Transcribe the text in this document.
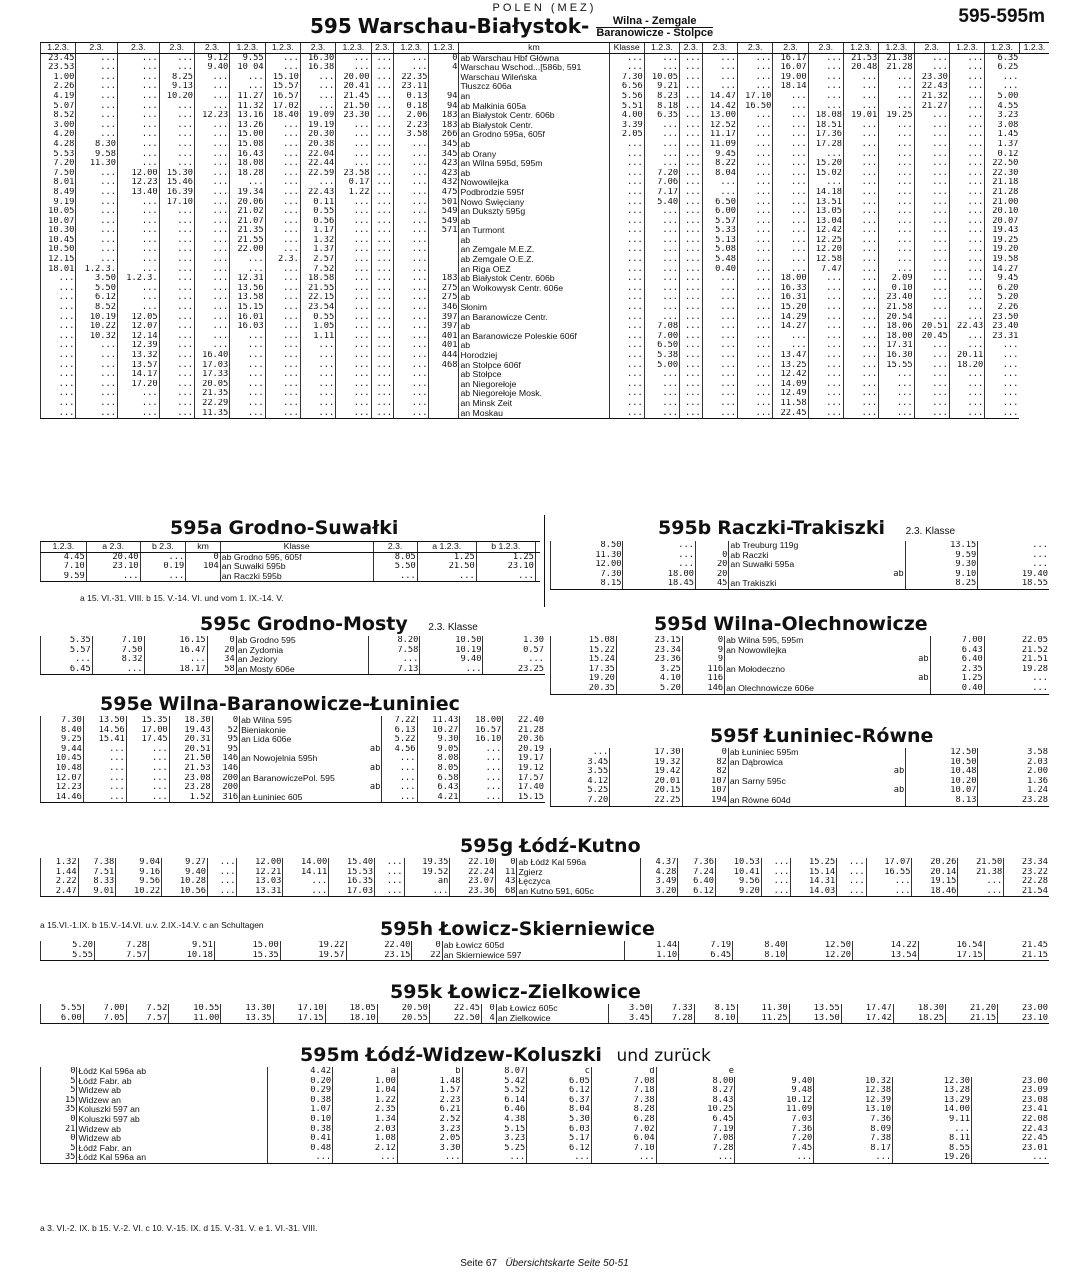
POLEN (MEZ)	595-595m
595 Warschau-Białystok-	Wilna - Zemgale
Baranowicze - Stolpce
1.2.3.	2.3.	2.3.	2.3.	2.3.	1.2.3.	1.2.3.	2.3.	1.2.3.	2.3.	1.2.3.	1.2.3.	km	Klasse	1.2.3.	2.3.	2.3.	2.3.	2.3.	2.3.	1.2.3.	1.2.3.	2.3.	1.2.3.	1.2.3.	1.2.3.
23.45	...	...	...	9.12	9.55	...	16.30	...	...	...	0	ab Warschau Hbf Główna	...	...	...	...	...	16.17	...	21.53	21.38	...	...	6.35	
23.53	...	...	...	9.40	10 04	...	16.38	...	...	...	4	Warschau Wschod...[586b, 591	...	...	...	...	...	16.07	...	20.48	21.28	...	...	6.25	
1.00	...	...	8.25	...	...	15.10	...	20.00	...	22.35		Warschau Wileńska	7.30	10.05	...	...	...	19.00	...	...	...	23.30	...	...	
2.26	...	...	9.13	...	...	15.57	...	20.41	...	23.11		Tłuszcz 606a	6.56	9.21	...	...	...	18.14	...	...	...	22.43	...	...	
4.19	...	...	10.20	...	11.27	16.57	...	21.45	...	0.13	94	an	5.56	8.23	...	14.47	17.10	...	...	...	...	21.32	...	5.00	
5.07	...	...	...	...	11.32	17.02	...	21.50	...	0.18	94	ab Małkinia 605a	5.51	8.18	...	14.42	16.50	...	...	...	...	21.27	...	4.55	
8.52	...	...	...	12.23	13.16	18.40	19.09	23.30	...	2.06	183	an Białystok Centr. 606b	4.00	6.35	...	13.00	...	...	18.08	19.01	19.25	...	...	3.23	
3.00	...	...	...	...	13.26	...	19.19	...	...	2.23	183	ab Białystok Centr.	3.39	...	...	12.52	...	...	18.51	...	...	...	...	3.08	
4.20	...	...	...	...	15.00	...	20.30	...	...	3.58	266	an Grodno 595a, 605f	2.05	...	...	11.17	...	...	17.36	...	...	...	...	1.45	
4.28	8.30	...	...	...	15.08	...	20.38	...	...	...	345	ab	...	...	...	11.09	...	...	17.28	...	...	...	...	1.37	
5.53	9.58	...	...	...	16.43	...	22.04	...	...	...	345	ab Orany	...	...	...	9.45	...	...	...	...	...	...	...	0.12	
7.20	11.30	...	...	...	18.08	...	22.44	...	...	...	423	an Wilna 595d, 595m	...	...	...	8.22	...	...	15.20	...	...	...	...	22.50	
7.50	...	12.00	15.30	...	18.28	...	22.59	23.58	...	...	423	ab	...	7.20	...	8.04	...	...	15.02	...	...	...	...	22.30	
8.01	...	12.23	15.46	...	...	...	...	0.17	...	...	432	Nowowilejka	...	7.06	...	...	...	...	...	...	...	...	...	21.18	
8.49	...	13.40	16.39	...	19.34	...	22.43	1.22	...	...	475	Podbrodzie 595f	...	7.17	...	...	...	...	14.18	...	...	...	...	21.28	
9.19	...	...	17.10	...	20.06	...	0.11	...	...	...	501	Nowo Święciany	...	5.40	...	6.50	...	...	13.51	...	...	...	...	21.00	
10.05	...	...	...	...	21.02	...	0.55	...	...	...	549	an Dukszty 595g	...	...	...	6.00	...	...	13.05	...	...	...	...	20.10	
10.07	...	...	...	...	21.07	...	0.56	...	...	...	549	ab	...	...	...	5.57	...	...	13.04	...	...	...	...	20.07	
10.30	...	...	...	...	21.35	...	1.17	...	...	...	571	an Turmont	...	...	...	5.33	...	...	12.42	...	...	...	...	19.43	
10.45	...	...	...	...	21.55	...	1.32	...	...	...		ab	...	...	...	5.13	...	...	12.25	...	...	...	...	19.25	
10.50	...	...	...	...	22.00	...	1.37	...	...	...		an Zemgale M.E.Z.	...	...	...	5.08	...	...	12.20	...	...	...	...	19.20	
12.15	...	...	...	...	...	2.3.	2.57	...	...	...		ab Zemgale O.E.Z.	...	...	...	5.48	...	...	12.58	...	...	...	...	19.58	
18.01	1.2.3.	...	...	...	...	...	7.52	...	...	...		an Riga OEZ	...	...	...	0.40	...	...	7.47	...	...	...	...	14.27	
...	3.50	1.2.3.	...	...	12.31	...	18.58	...	...	...	183	ab Białystok Centr. 606b	...	...	...	...	...	18.00	...	...	2.09	...	...	9.45	
...	5.50	...	...	...	13.56	...	21.55	...	...	...	275	an Wołkowysk Centr. 606e	...	...	...	...	...	16.33	...	...	0.10	...	...	6.20	
...	6.12	...	...	...	13.58	...	22.15	...	...	...	275	ab	...	...	...	...	...	16.31	...	...	23.40	...	...	5.20	
...	8.52	...	...	...	15.15	...	23.54	...	...	...	346	Słonim	...	...	...	...	...	15.20	...	...	21.58	...	...	2.26	
...	10.19	12.05	...	...	16.01	...	0.55	...	...	...	397	an Baranowicze Centr.	...	...	...	...	...	14.29	...	...	20.54	...	...	23.50	
...	10.22	12.07	...	...	16.03	...	1.05	...	...	...	397	ab	...	7.08	...	...	...	14.27	...	...	18.06	20.51	22.43	23.40	
...	10.32	12.14	...	...	...	...	1.11	...	...	...	401	an Baranowicze Poleskie 606f	...	7.00	...	...	...	...	...	...	18.00	20.45	...	23.31	
...	...	12.39	...	...	...	...	...	...	...	...	401	ab	...	6.50	...	...	...	...	...	...	17.31	...	...	...	
...	...	13.32	...	16.40	...	...	...	...	...	...	444	Horodziej	...	5.38	...	...	...	13.47	...	...	16.30	...	20.11	...	
...	...	13.57	...	17.03	...	...	...	...	...	...	468	an Stołpce 606f	...	5.00	...	...	...	13.25	...	...	15.55	...	18.20	...	
...	...	14.17	...	17.33	...	...	...	...	...	...		ab Stołpce	...	...	...	...	...	12.42	...	...	...	...	...	...	
...	...	17.20	...	20.05	...	...	...	...	...	...		an Niegorełoje	...	...	...	...	...	14.09	...	...	...	...	...	...	
...	...	...	...	21.35	...	...	...	...	...	...		ab Niegorełoje Mosk.	...	...	...	...	...	12.49	...	...	...	...	...	...	
...	...	...	...	22.29	...	...	...	...	...	...		an Minsk Zeit	...	...	...	...	...	11.58	...	...	...	...	...	...	
...	...	...	...	11.35	...	...	...	...	...	...		an Moskau	...	...	...	...	...	22.45	...	...	...	...	...	...	
595a Grodno-Suwałki
1.2.3.	a 2.3.	b 2.3.	km	Klasse	2.3.	a 1.2.3.	b 1.2.3.	
4.45	20.40	...	0	ab Grodno 595, 605f	8.05	1.25	1.25	
7.10	23.10	0.19	104	an Suwałki 595b	5.50	21.50	23.10	
9.59	...	...		an Raczki 595b	...	...	...	
a 15. VI.-31. VIII. b 15. V.-14. VI. und vom 1. IX.-14. V.
595b Raczki-Trakiszki 2.3. Klasse
8.50	...		ab Treuburg 119g	13.15	...
11.30	...	0	ab Raczki	9.59	...
12.00	...	20	an Suwałki 595a	9.30	...
7.30	18.00	20	ab	9.10	19.40
8.15	18.45	45	an Trakiszki	8.25	18.55
595c Grodno-Mosty 2.3. Klasse
5.35	7.10	16.15	0	ab Grodno 595	8.20	10.50	1.30
5.57	7.50	16.47	20	an Zydomia	7.58	10.19	0.57
...	8.32	...	34	an Jeziory	...	9.40	...
6.45	...	18.17	58	an Mosty 606e	7.13	...	23.25
595d Wilna-Olechnowicze
15.08	23.15	0	ab Wilna 595, 595m	7.00	22.05
15.22	23.34	9	an Nowowilejka	6.43	21.52
15.24	23.36	9	ab	6.40	21.51
17.35	3.25	116	an Mołodeczno	2.35	19.28
19.20	4.10	116	ab	1.25	...
20.35	5.20	146	an Olechnowicze 606e	0.40	...
595e Wilna-Baranowicze-Łuniniec
7.30	13.50	15.35	18.30	0	ab Wilna 595	7.22	11.43	18.00	22.40
8.40	14.56	17.00	19.43	52	Bieniakonie	6.13	10.27	16.57	21.28
9.25	15.41	17.45	20.31	95	an Lida 606e	5.22	9.30	16.10	20.36
9.44	...	...	20.51	95	ab	4.56	9.05	...	20.19
10.45	...	...	21.50	146	an Nowojelnia 595h	...	8.08	...	19.17
10.48	...	...	21.53	146	ab	...	8.05	...	19.12
12.07	...	...	23.08	200	an BaranowiczePol. 595	...	6.58	...	17.57
12.23	...	...	23.28	200	ab	...	6.43	...	17.40
14.46	...	...	1.52	316	an Łuniniec 605	...	4.21	...	15.15
595f Łuniniec-Równe
...	17.30	0	ab Łuniniec 595m	12.50	3.58
3.45	19.32	82	an Dąbrowica	10.50	2.03
3.55	19.42	82	ab	10.48	2.00
4.12	20.01	107	an Sarny 595c	10.20	1.36
5.25	20.15	107	ab	10.07	1.24
7.20	22.25	194	an Równe 604d	8.13	23.28
595g Łódź-Kutno
1.32	7.38	9.04	9.27	...	12.00	14.00	15.40	...	19.35	22.10	0	ab Łódź Kal 596a	4.37	7.36	10.53	...	15.25	...	17.07	20.26	21.50	23.34
1.44	7.51	9.16	9.40	...	12.21	14.11	15.53	...	19.52	22.24	11	Zgierz	4.28	7.24	10.41	...	15.14	...	16.55	20.14	21.38	23.22
2.22	8.33	9.56	10.28	...	13.03	...	16.35	...	an	23.07	43	Łęczyca	3.49	6.40	9.56	...	14.31	...	...	19.15	...	22.28
2.47	9.01	10.22	10.56	...	13.31	...	17.03	...	...	23.36	68	an Kutno 591, 605c	3.20	6.12	9.20	...	14.03	...	...	18.46	...	21.54
a 15.VI.-1.IX. b 15.V.-14.VI. u.v. 2.IX.-14.V. c an Schultagen	595h Łowicz-Skierniewice
5.20	7.28	9.51	15.00	19.22	22.40	0	ab Łowicz 605d	1.44	7.19	8.40	12.50	14.22	16.54	21.45
5.55	7.57	10.18	15.35	19.57	23.15	22	an Skierniewice 597	1.10	6.45	8.10	12.20	13.54	17.15	21.15
595k Łowicz-Zielkowice
5.55	7.00	7.52	10.55	13.30	17.10	18.05	20.50	22.45	0	ab Łowicz 605c	3.50	7.33	8.15	11.30	13.55	17.47	18.30	21.20	23.00
6.00	7.05	7.57	11.00	13.35	17.15	18.10	20.55	22.50	4	an Zielkowice	3.45	7.28	8.10	11.25	13.50	17.42	18.25	21.15	23.10
595m Łódź-Widzew-Koluszki und zurück
0	Łódź Kal 596a ab	4.42	a	b	8.07	c	d	e				
5	Łódź Fabr. ab	0.20	1.00	1.48	5.42	6.05	7.08	8.00	9.40	10.32	12.30	23.00
5	Widzew ab	0.29	1.04	1.57	5.52	6.12	7.18	8.27	9.48	12.38	13.28	23.09
15	Widzew an	0.38	1.22	2.23	6.14	6.37	7.38	8.43	10.12	12.39	13.29	23.08
35	Koluszki 597 an	1.07	2.35	6.21	6.46	8.04	8.28	10.25	11.09	13.10	14.00	23.41
0	Koluszki 597 ab	0.10	1.34	2.52	4.38	5.30	6.28	6.45	7.03	7.36	9.11	22.08
21	Widzew ab	0.38	2.03	3.23	5.15	6.03	7.02	7.19	7.36	8.09	...	22.43
0	Widzew ab	0.41	1.08	2.05	3.23	5.17	6.04	7.08	7.20	7.38	8.11	22.45
5	Łódź Fabr. an	0.48	2.12	3.30	5.25	6.12	7.10	7.28	7.45	8.17	8.55	23.01
35	Łódź Kal 596a an	...	...	...	...	...	...	...	...	...	19.26	...
a 3. VI.-2. IX. b 15. V.-2. VI. c 10. V.-15. IX. d 15. V.-31. V. e 1. VI.-31. VIII.
Seite 67 Übersichtskarte Seite 50-51
